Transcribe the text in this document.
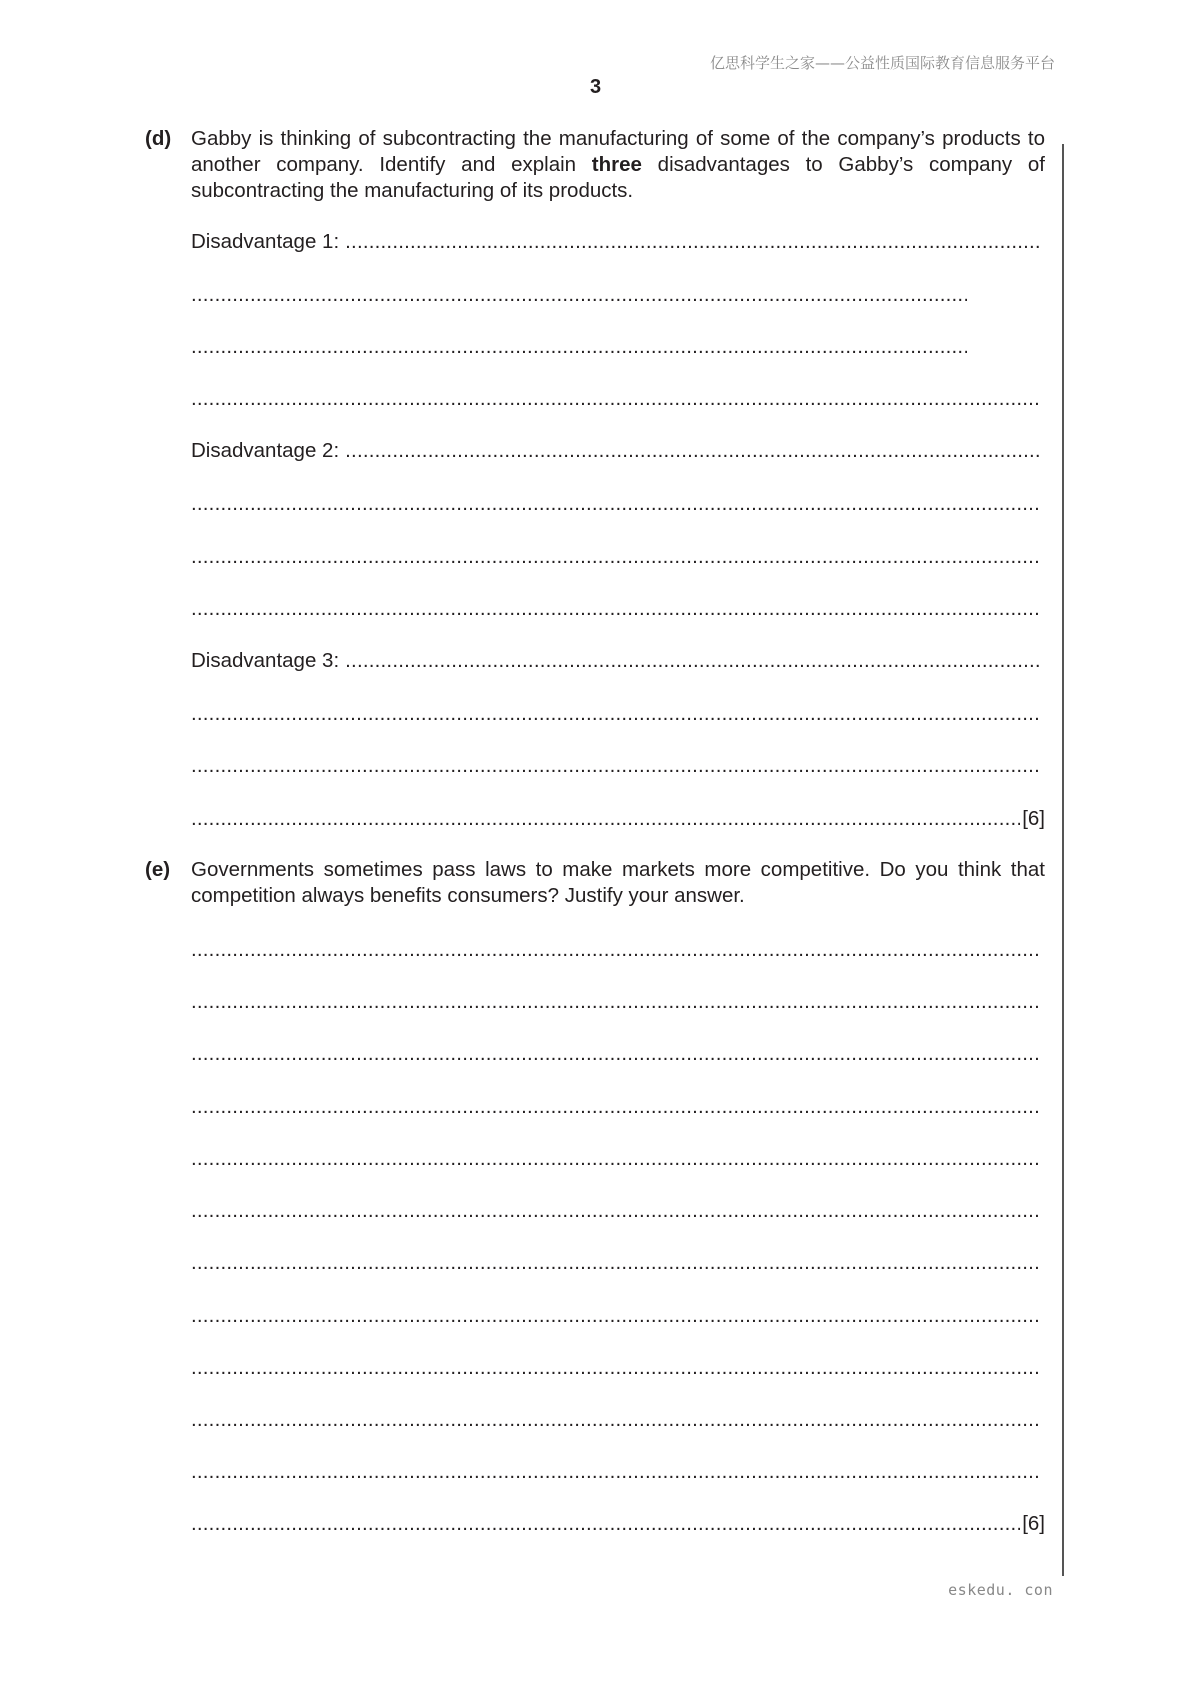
亿思科学生之家——公益性质国际教育信息服务平台
3
(d) Gabby is thinking of subcontracting the manufacturing of some of the company’s products to another company. Identify and explain three disadvantages to Gabby’s company of subcontracting the manufacturing of its products.
Disadvantage 1:
.....
.....
.....
.....
Disadvantage 2:
.....
.....
.....
.....
Disadvantage 3:
.....
.....
.....
.....
[6]
(e) Governments sometimes pass laws to make markets more competitive. Do you think that competition always benefits consumers? Justify your answer.
.....
.....
.....
.....
.....
.....
.....
.....
.....
.....
.....
.....
[6]
eskedu. con
